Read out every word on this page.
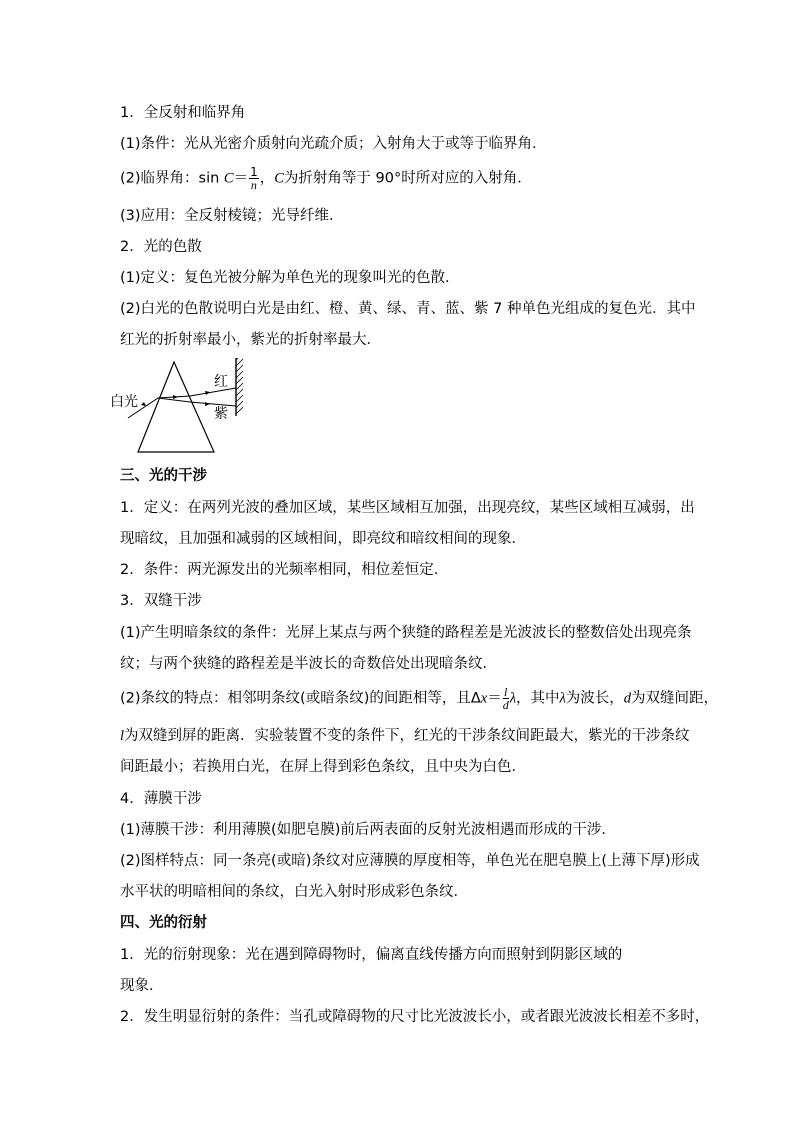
1．全反射和临界角
(1)条件：光从光密介质射向光疏介质；入射角大于或等于临界角．
(2)临界角：$\sin C= \frac{1}{n}$ ，C为折射角等于 90°时所对应的入射角．
(3)应用：全反射棱镜；光导纤维．
2．光的色散
(1)定义：复色光被分解为单色光的现象叫光的色散．
(2)白光的色散说明白光是由红、橙、黄、绿、青、蓝、紫 7 种单色光组成的复色光．其中
红光的折射率最小，紫光的折射率最大．
白光
红
紫
三、光的干涉
1．定义：在两列光波的叠加区域，某些区域相互加强，出现亮纹，某些区域相互减弱，出
现暗纹，且加强和减弱的区域相间，即亮纹和暗纹相间的现象．
2．条件：两光源发出的光频率相同，相位差恒定．
3．双缝干涉
(1)产生明暗条纹的条件：光屏上某点与两个狭缝的路程差是光波波长的整数倍处出现亮条
纹；与两个狭缝的路程差是半波长的奇数倍处出现暗条纹．
(2)条纹的特点：相邻明条纹(或暗条纹)的间距相等，且$\Delta x= \frac{l}{d}$ λ，其中λ为波长，d为双缝间距，
l为双缝到屏的距离．实验装置不变的条件下，红光的干涉条纹间距最大，紫光的干涉条纹
间距最小；若换用白光，在屏上得到彩色条纹，且中央为白色．
4．薄膜干涉
(1)薄膜干涉：利用薄膜(如肥皂膜)前后两表面的反射光波相遇而形成的干涉．
(2)图样特点：同一条亮(或暗)条纹对应薄膜的厚度相等，单色光在肥皂膜上(上薄下厚)形成
水平状的明暗相间的条纹，白光入射时形成彩色条纹．
四、光的衍射
1．光的衍射现象：光在遇到障碍物时，偏离直线传播方向而照射到阴影区域的
现象．
2．发生明显衍射的条件：当孔或障碍物的尺寸比光波波长小，或者跟光波波长相差不多时，
